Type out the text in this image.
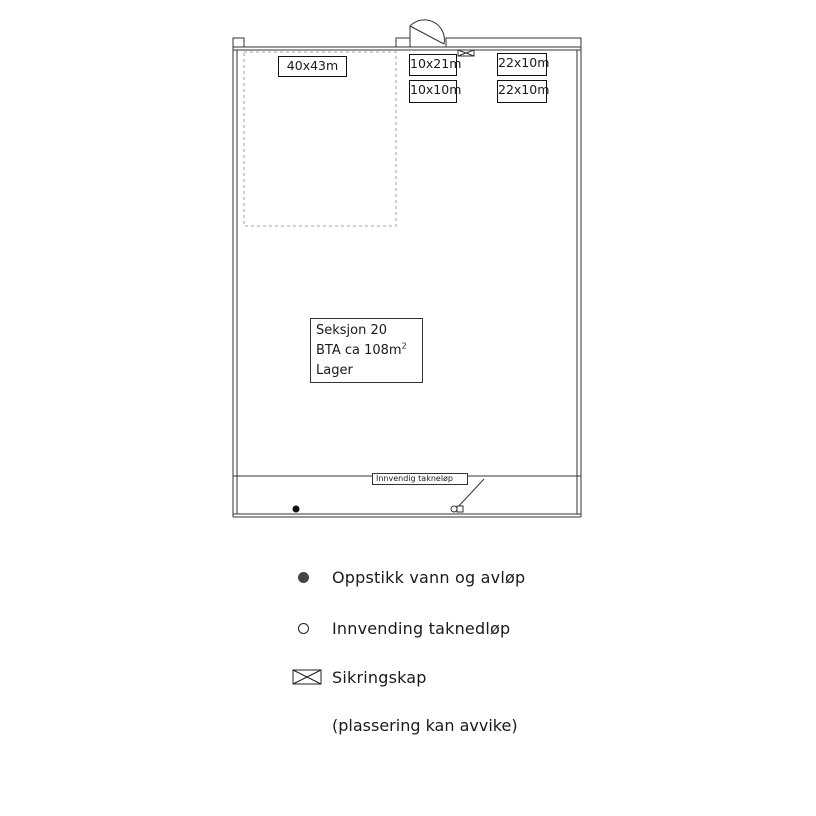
40x43m	10x21m
10x10m
22x10m
22x10m
Seksjon 20
BTA ca $108m^2$
Lager
Innvendig takneløp
Oppstikk vann og avløp
Innvending taknedløp
Sikringskap
(plassering kan avvike)
